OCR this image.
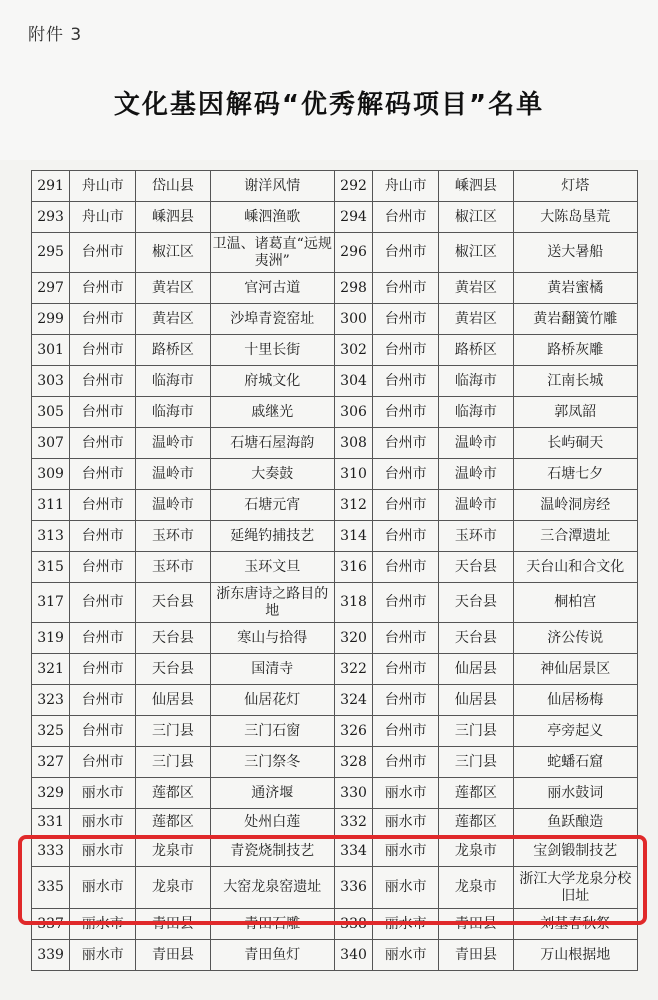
附件 3
文化基因解码“优秀解码项目”名单
291	舟山市	岱山县	谢洋风情	292	舟山市	嵊泗县	灯塔
293	舟山市	嵊泗县	嵊泗渔歌	294	台州市	椒江区	大陈岛垦荒
295	台州市	椒江区	卫温、诸葛直“远规夷洲”	296	台州市	椒江区	送大暑船
297	台州市	黄岩区	官河古道	298	台州市	黄岩区	黄岩蜜橘
299	台州市	黄岩区	沙埠青瓷窑址	300	台州市	黄岩区	黄岩翻簧竹雕
301	台州市	路桥区	十里长街	302	台州市	路桥区	路桥灰雕
303	台州市	临海市	府城文化	304	台州市	临海市	江南长城
305	台州市	临海市	戚继光	306	台州市	临海市	郭凤韶
307	台州市	温岭市	石塘石屋海韵	308	台州市	温岭市	长屿硐天
309	台州市	温岭市	大奏鼓	310	台州市	温岭市	石塘七夕
311	台州市	温岭市	石塘元宵	312	台州市	温岭市	温岭洞房经
313	台州市	玉环市	延绳钓捕技艺	314	台州市	玉环市	三合潭遗址
315	台州市	玉环市	玉环文旦	316	台州市	天台县	天台山和合文化
317	台州市	天台县	浙东唐诗之路目的地	318	台州市	天台县	桐柏宫
319	台州市	天台县	寒山与拾得	320	台州市	天台县	济公传说
321	台州市	天台县	国清寺	322	台州市	仙居县	神仙居景区
323	台州市	仙居县	仙居花灯	324	台州市	仙居县	仙居杨梅
325	台州市	三门县	三门石窗	326	台州市	三门县	亭旁起义
327	台州市	三门县	三门祭冬	328	台州市	三门县	蛇蟠石窟
329	丽水市	莲都区	通济堰	330	丽水市	莲都区	丽水鼓词
331	丽水市	莲都区	处州白莲	332	丽水市	莲都区	鱼跃酿造
333	丽水市	龙泉市	青瓷烧制技艺	334	丽水市	龙泉市	宝剑锻制技艺
335	丽水市	龙泉市	大窑龙泉窑遗址	336	丽水市	龙泉市	浙江大学龙泉分校旧址
337	丽水市	青田县	青田石雕	338	丽水市	青田县	刘基春秋祭
339	丽水市	青田县	青田鱼灯	340	丽水市	青田县	万山根据地
